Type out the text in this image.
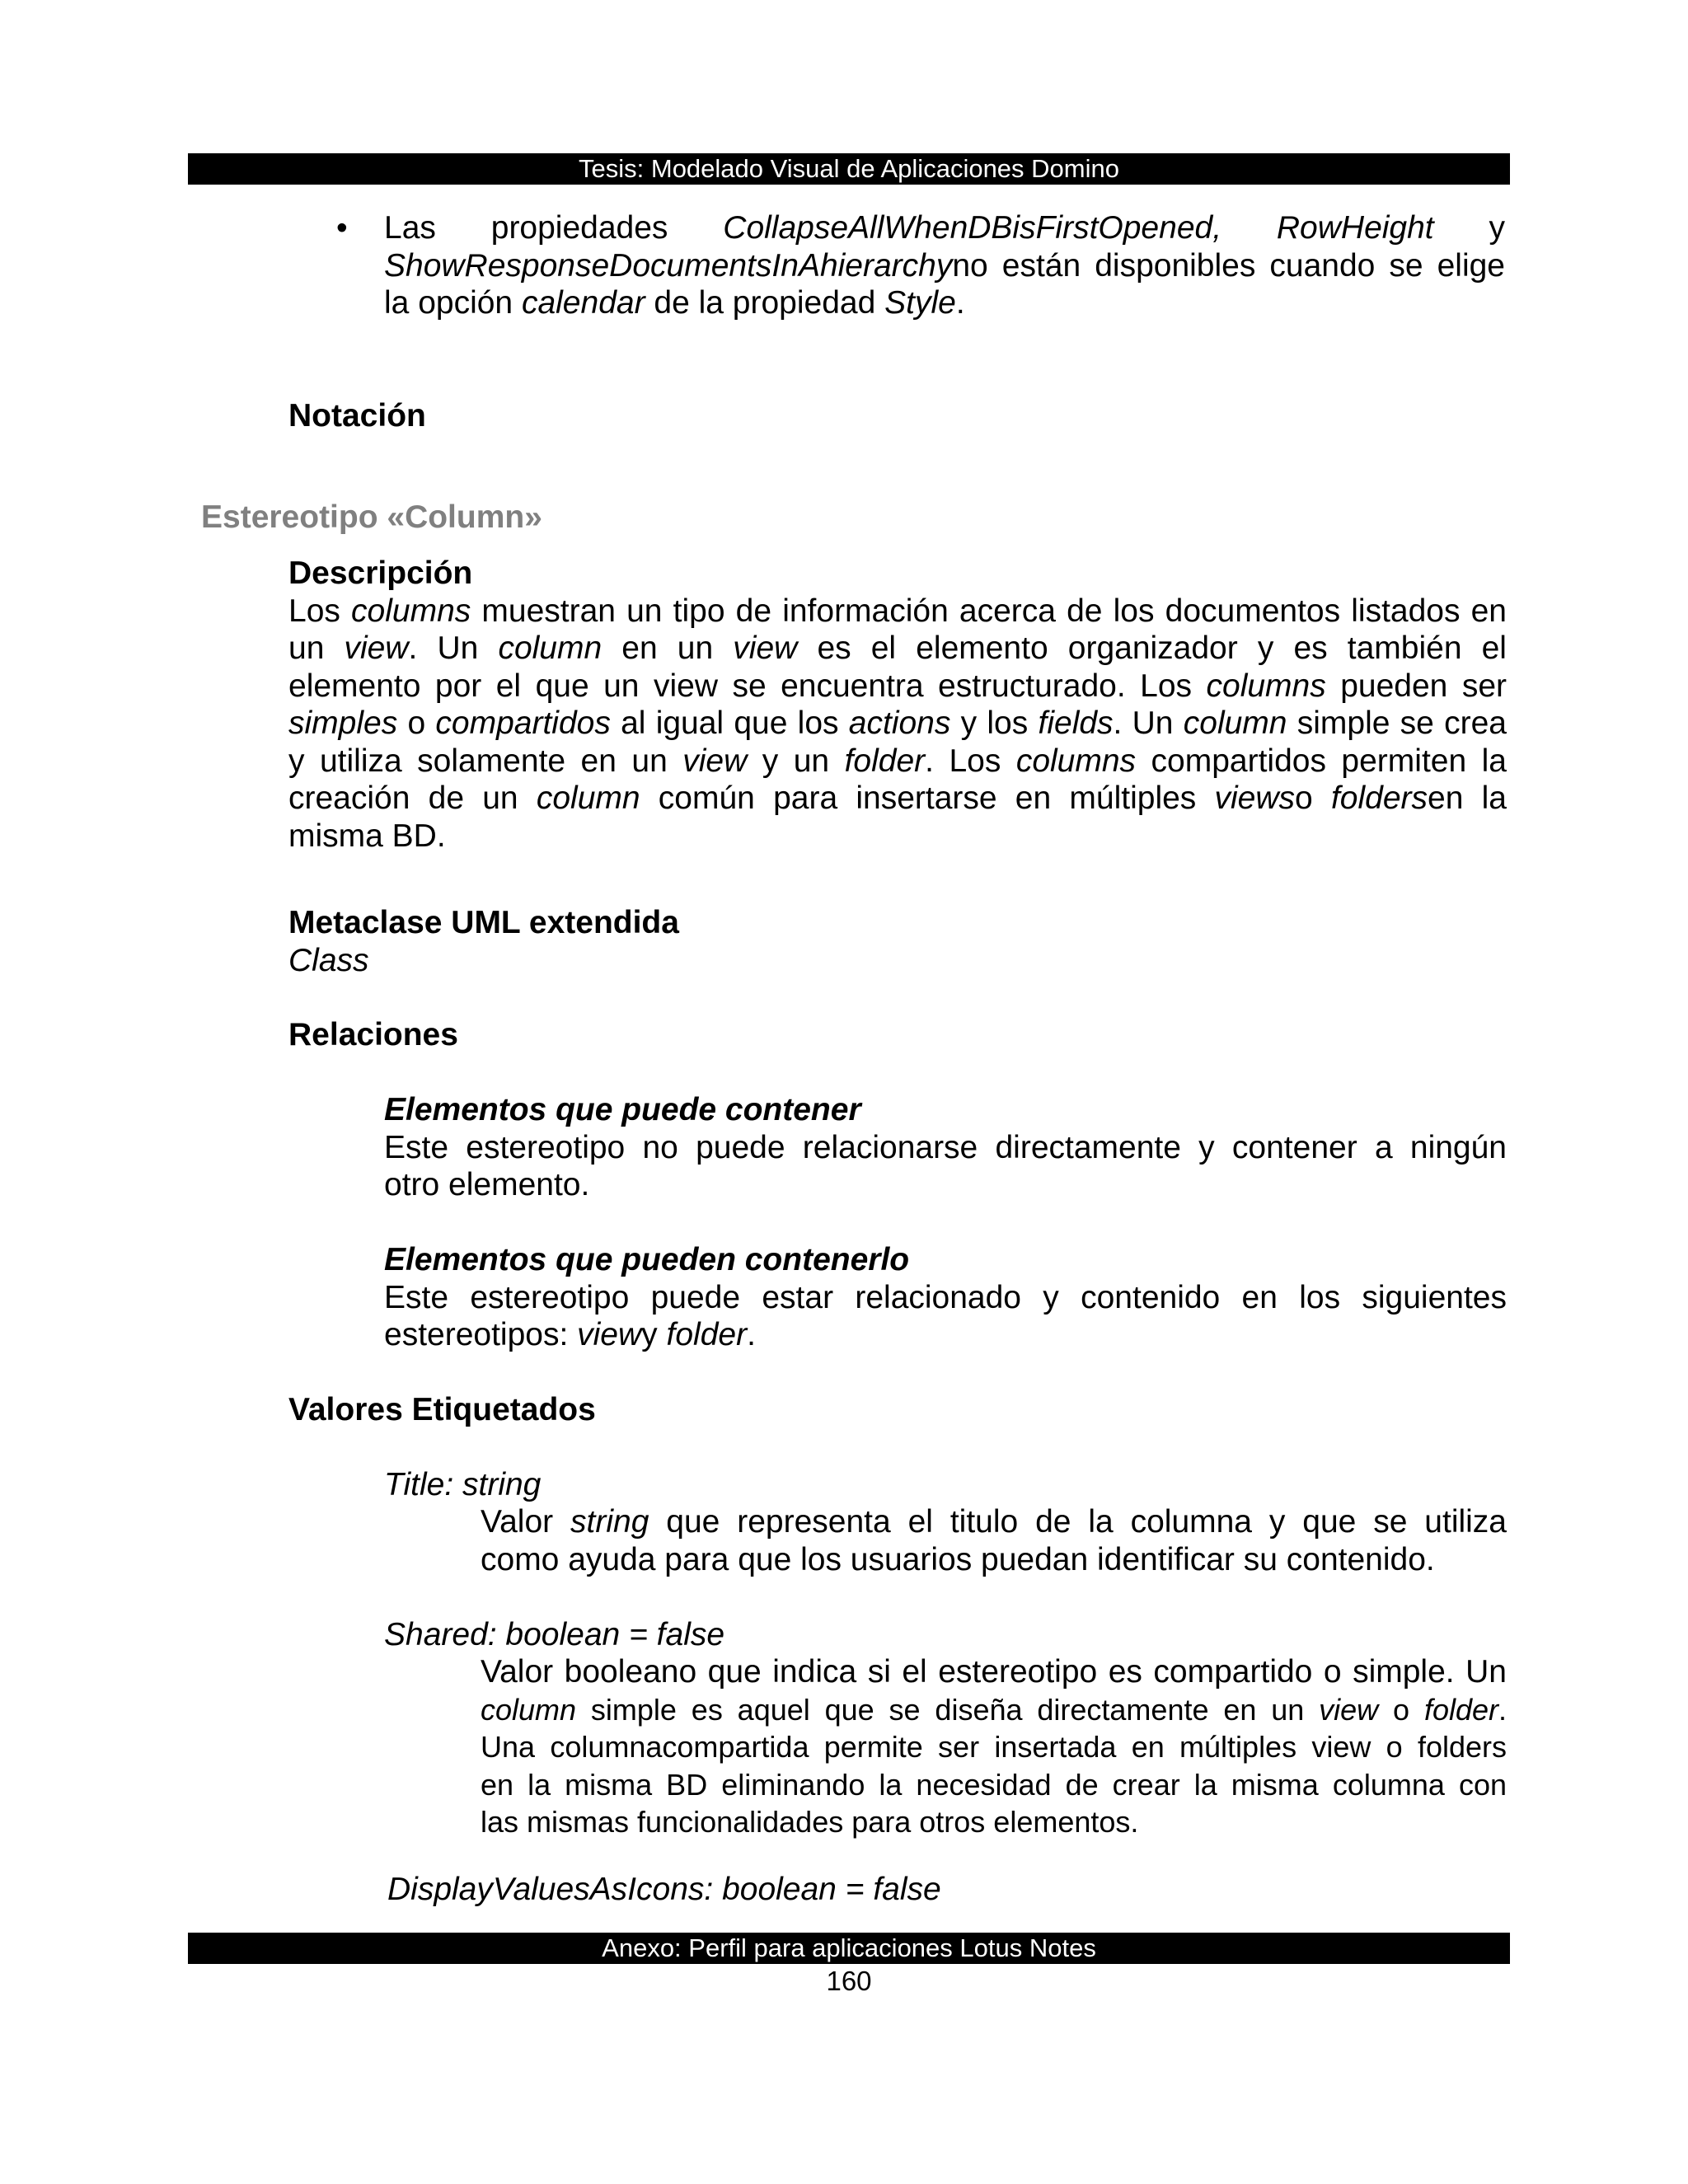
Tesis: Modelado Visual de Aplicaciones Domino
• Las propiedades CollapseAllWhenDBisFirstOpened, RowHeight y
ShowResponseDocumentsInAhierarchyno están disponibles cuando se elige
la opción calendar de la propiedad Style.
Notación
Estereotipo «Column»
Descripción
Los columns muestran un tipo de información acerca de los documentos listados en
un view. Un column en un view es el elemento organizador y es también el
elemento por el que un view se encuentra estructurado. Los columns pueden ser
simples o compartidos al igual que los actions y los fields. Un column simple se crea
y utiliza solamente en un view y un folder. Los columns compartidos permiten la
creación de un column común para insertarse en múltiples viewso foldersen la
misma BD.
Metaclase UML extendida
Class
Relaciones
Elementos que puede contener
Este estereotipo no puede relacionarse directamente y contener a ningún
otro elemento.
Elementos que pueden contenerlo
Este estereotipo puede estar relacionado y contenido en los siguientes
estereotipos: viewy folder.
Valores Etiquetados
Title: string
Valor string que representa el titulo de la columna y que se utiliza
como ayuda para que los usuarios puedan identificar su contenido.
Shared: boolean = false
Valor booleano que indica si el estereotipo es compartido o simple. Un
column simple es aquel que se diseña directamente en un view o folder.
Una columnacompartida permite ser insertada en múltiples view o folders
en la misma BD eliminando la necesidad de crear la misma columna con
las mismas funcionalidades para otros elementos.
DisplayValuesAsIcons: boolean = false
Anexo: Perfil para aplicaciones Lotus Notes
160
